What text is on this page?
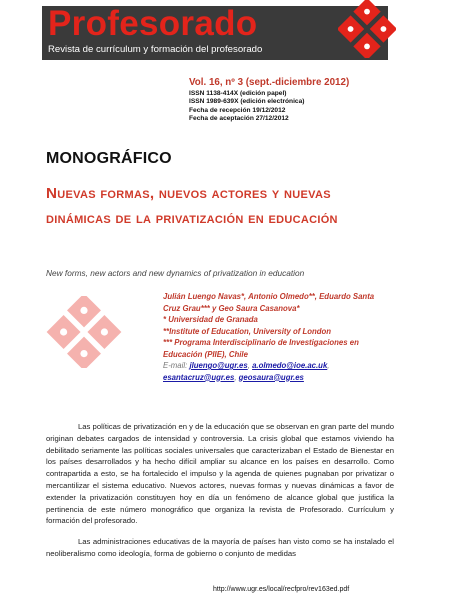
Profesorado
Revista de currículum y formación del profesorado
Vol. 16, nº 3 (sept.-diciembre 2012)
ISSN 1138-414X (edición papel)
ISSN 1989-639X (edición electrónica)
Fecha de recepción 19/12/2012
Fecha de aceptación 27/12/2012
MONOGRÁFICO
Nuevas formas, nuevos actores y nuevas dinámicas de la privatización en educación
New forms, new actors and new dynamics of privatization in education
Julián Luengo Navas*, Antonio Olmedo**, Eduardo Santa
Cruz Grau*** y Geo Saura Casanova*
* Universidad de Granada
**Institute of Education, University of London
*** Programa Interdisciplinario de Investigaciones en
Educación (PIIE), Chile
E-mail: jluengo@ugr.es, a.olmedo@ioe.ac.uk,
esantacruz@ugr.es, geosaura@ugr.es

Las políticas de privatización en y de la educación que se observan en gran parte del mundo originan debates cargados de intensidad y controversia. La crisis global que estamos viviendo ha debilitado seriamente las políticas sociales universales que caracterizaban el Estado de Bienestar en los países desarrollados y ha hecho difícil ampliar su alcance en los países en desarrollo. Como contrapartida a esto, se ha fortalecido el impulso y la agenda de quienes pugnaban por privatizar o mercantilizar el sistema educativo. Nuevos actores, nuevas formas y nuevas dinámicas a favor de extender la privatización constituyen hoy en día un fenómeno de alcance global que justifica la pertinencia de este número monográfico que organiza la revista de Profesorado. Currículum y formación del profesorado.

Las administraciones educativas de la mayoría de países han visto como se ha instalado el neoliberalismo como ideología, forma de gobierno o conjunto de medidas

http://www.ugr.es/local/recfpro/rev163ed.pdf
